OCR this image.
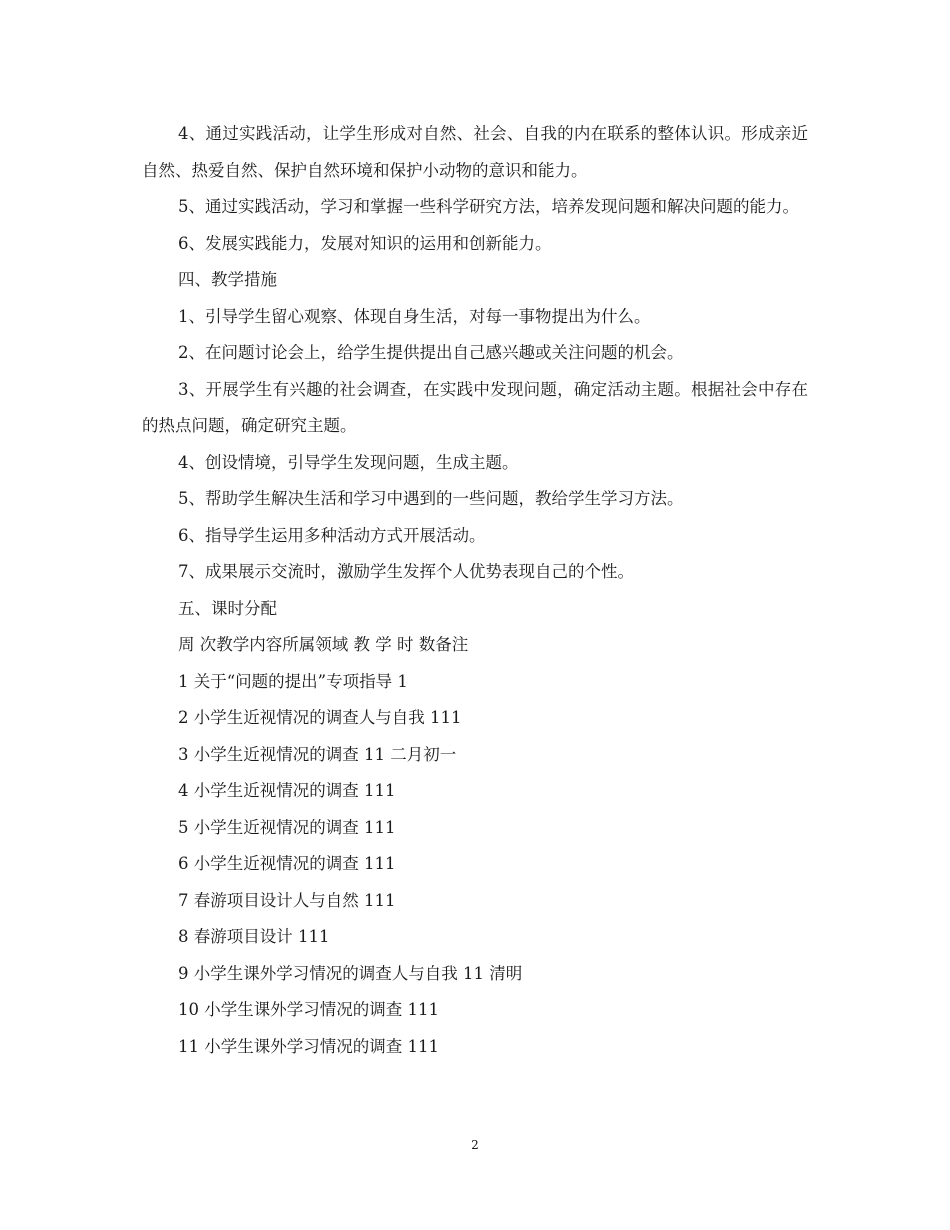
4、通过实践活动，让学生形成对自然、社会、自我的内在联系的整体认识。形成亲近自然、热爱自然、保护自然环境和保护小动物的意识和能力。

5、通过实践活动，学习和掌握一些科学研究方法，培养发现问题和解决问题的能力。

6、发展实践能力，发展对知识的运用和创新能力。

四、教学措施

1、引导学生留心观察、体现自身生活，对每一事物提出为什么。

2、在问题讨论会上，给学生提供提出自己感兴趣或关注问题的机会。

3、开展学生有兴趣的社会调查，在实践中发现问题，确定活动主题。根据社会中存在的热点问题，确定研究主题。

4、创设情境，引导学生发现问题，生成主题。

5、帮助学生解决生活和学习中遇到的一些问题，教给学生学习方法。

6、指导学生运用多种活动方式开展活动。

7、成果展示交流时，激励学生发挥个人优势表现自己的个性。

五、课时分配

周 次教学内容所属领域 教 学 时 数备注

1 关于“问题的提出”专项指导 1

2 小学生近视情况的调查人与自我 111

3 小学生近视情况的调查 11 二月初一

4 小学生近视情况的调查 111

5 小学生近视情况的调查 111

6 小学生近视情况的调查 111

7 春游项目设计人与自然 111

8 春游项目设计 111

9 小学生课外学习情况的调查人与自我 11 清明

10 小学生课外学习情况的调查 111

11 小学生课外学习情况的调查 111

2
